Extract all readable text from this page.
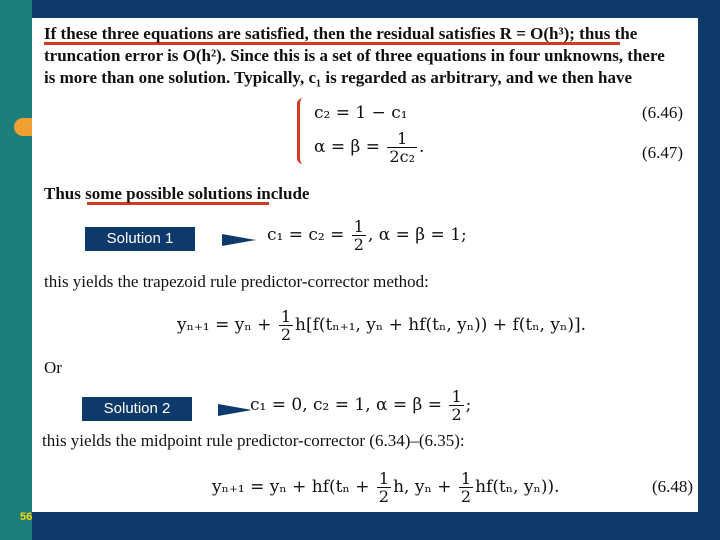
If these three equations are satisfied, then the residual satisfies R = O(h³); thus the
truncation error is O(h²). Since this is a set of three equations in four unknowns, there
is more than one solution. Typically, c₁ is regarded as arbitrary, and we then have
c₂ = 1 − c₁	(6.46)
$\alpha = \beta = \frac{1}{\text{2c₂}}$ .	(6.47)
Thus some possible solutions include
Solution 1	$c_1 = c_2 = \frac{1}{2}$ , α = β = 1;
this yields the trapezoid rule predictor-corrector method:
$y_{n+1} = y_n + \frac{1}{2} h[f(t_{n+1}$, yₙ + hf(tₙ, yₙ)) + f(tₙ, yₙ)].
Or
Solution 2	c₁ = 0, c₂ = 1, $\alpha = \beta = \frac{1}{2}$ ;
this yields the midpoint rule predictor-corrector (6.34)–(6.35):
$y_{n+1} = y_n + hf(t_n + \frac{1}{2} h$, $y_n + \frac{1}{2} hf(t_n$, yₙ)).	(6.48)
56
